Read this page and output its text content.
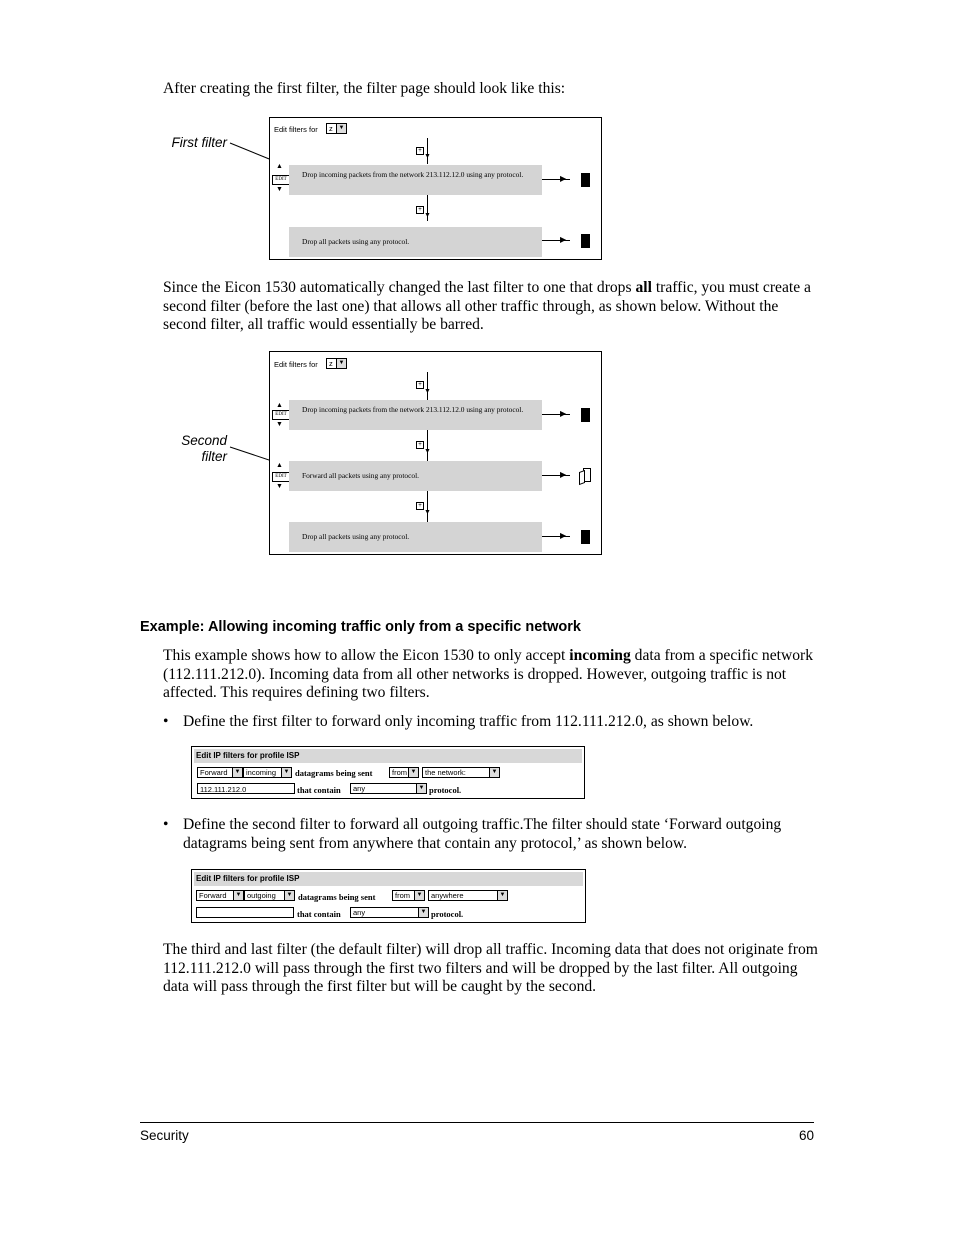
After creating the first filter, the filter page should look like this:

First filter
Edit filters for z ▼
+
▼
▲
EDIT
▼
Drop incoming packets from the network 213.112.12.0 using any protocol.	▶
+
▼
Drop all packets using any protocol.	▶

Since the Eicon 1530 automatically changed the last filter to one that drops all traffic, you must create a second filter (before the last one) that allows all other traffic through, as shown below. Without the second filter, all traffic would essentially be barred.

Second
filter
Edit filters for z ▼
+
▼
▲
EDIT
▼
Drop incoming packets from the network 213.112.12.0 using any protocol.	▶
+
▼
▲
EDIT
▼
Forward all packets using any protocol.	▶
+
▼
Drop all packets using any protocol.	▶
Example: Allowing incoming traffic only from a specific network

This example shows how to allow the Eicon 1530 to only accept incoming data from a specific network (112.111.212.0). Incoming data from all other networks is dropped. However, outgoing traffic is not affected. This requires defining two filters.

• Define the first filter to forward only incoming traffic from 112.111.212.0, as shown below.
Edit IP filters for profile ISP
Forward	▼ incoming	▼ datagrams being sent	from ▼ the network:	▼
112.111.212.0	that contain any	▼ protocol.
• Define the second filter to forward all outgoing traffic.The filter should state ‘Forward outgoing datagrams being sent from anywhere that contain any protocol,’ as shown below.
Edit IP filters for profile ISP
Forward	▼ outgoing	▼ datagrams being sent	from	▼ anywhere	▼
that contain any	▼ protocol.

The third and last filter (the default filter) will drop all traffic. Incoming data that does not originate from 112.111.212.0 will pass through the first two filters and will be dropped by the last filter. All outgoing data will pass through the first filter but will be caught by the second.

Security	60
